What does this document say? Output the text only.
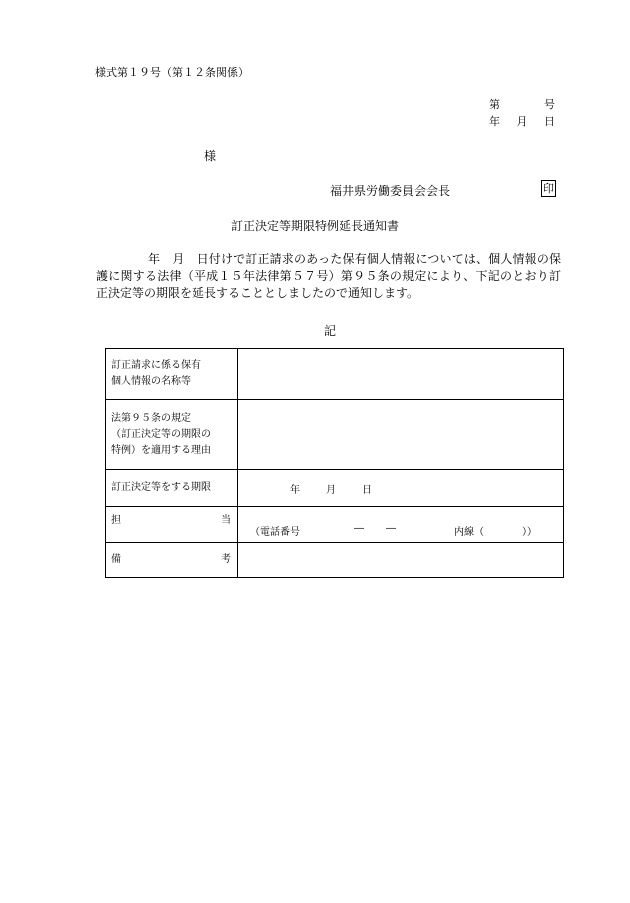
様式第１９号（第１２条関係）
第	号
年 月 日
様
福井県労働委員会会長	印
訂正決定等期限特例延長通知書
年　月　日付けで訂正請求のあった保有個人情報については、個人情報の保護に関する法律（平成１５年法律第５７号）第９５条の規定により、下記のとおり訂正決定等の期限を延長することとしましたので通知します。
記
訂正請求に係る保有
個人情報の名称等	

法第９５条の規定
（訂正決定等の期限の
特例）を適用する理由	

訂正決定等をする期限	年 月 日

担 当	（電話番号 ― ― 内線（ ））

備 考	
